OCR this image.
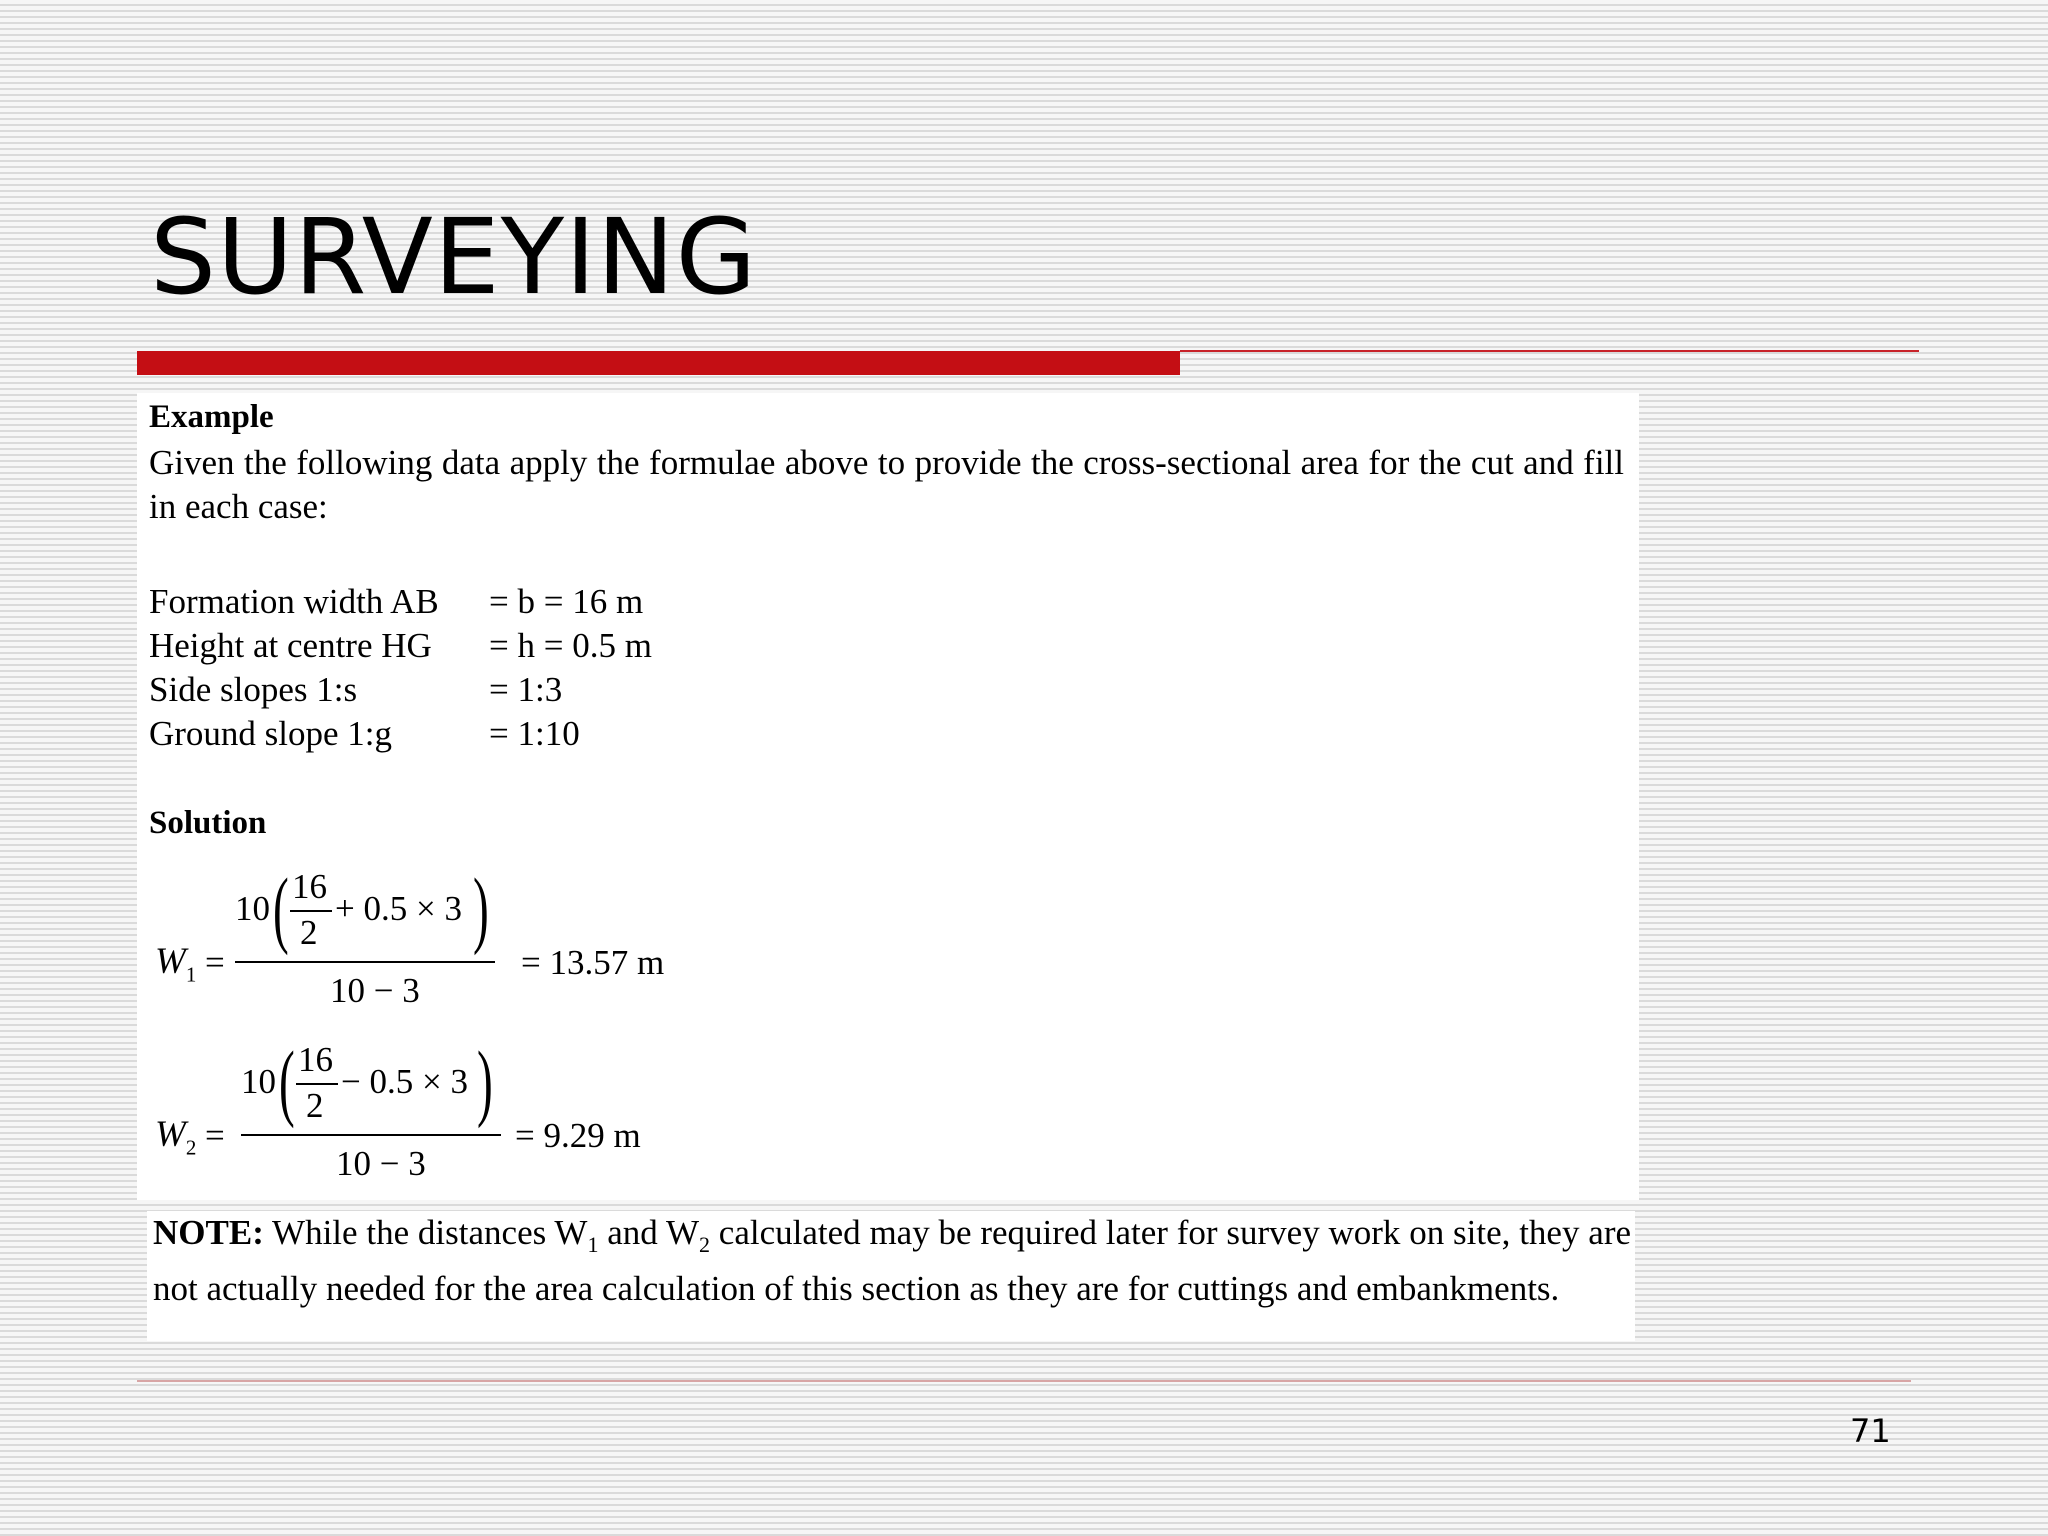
SURVEYING
Example
Given the following data apply the formulae above to provide the cross-sectional area for the cut and fill in each case:
Formation width AB	= b = 16 m
Height at centre HG	= h = 0.5 m
Side slopes 1:s	= 1:3
Ground slope 1:g	= 1:10
Solution
$W_1$ =
10 ( 16
2
+ 0.5 × 3 )
10 − 3
= 13.57 m
$W_2$ =
10 ( 16
2
− 0.5 × 3 )
10 − 3
= 9.29 m
NOTE: While the distances $W_1$ and $W_2$ calculated may be required later for survey work on site, they are not actually needed for the area calculation of this section as they are for cuttings and embankments.
71
